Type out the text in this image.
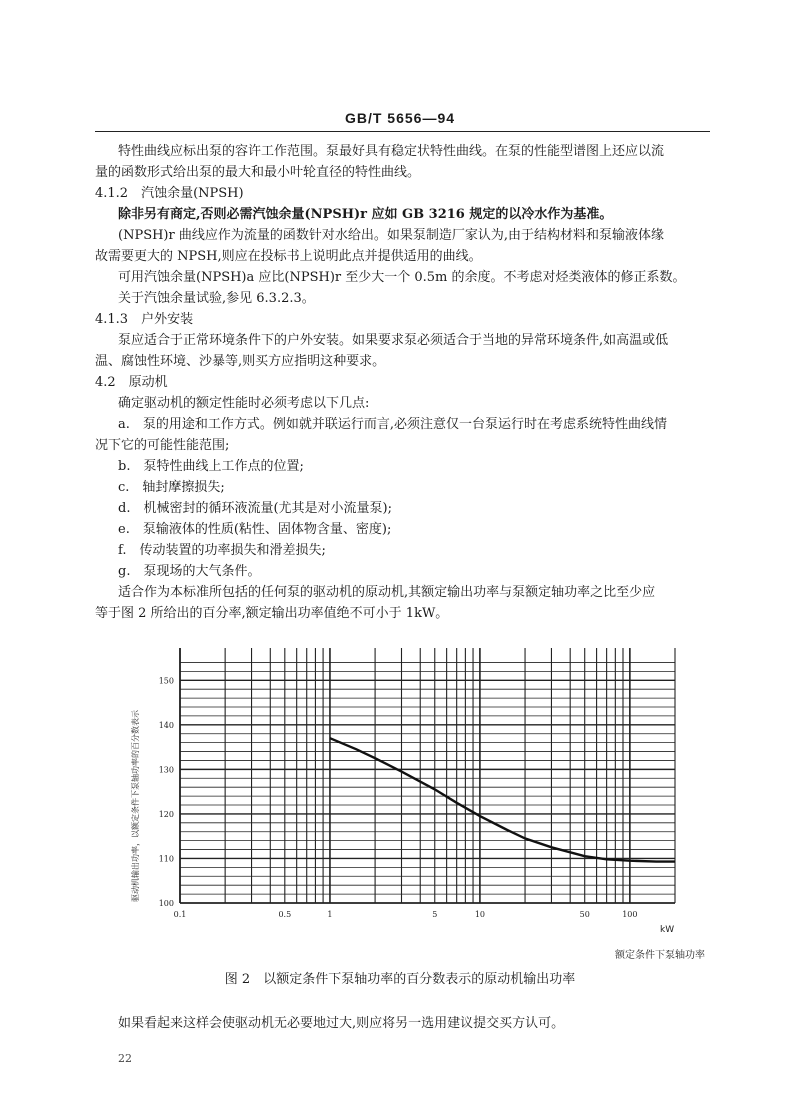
GB/T 5656—94
特性曲线应标出泵的容许工作范围。泵最好具有稳定状特性曲线。在泵的性能型谱图上还应以流
量的函数形式给出泵的最大和最小叶轮直径的特性曲线。
4.1.2　汽蚀余量(NPSH)
除非另有商定,否则必需汽蚀余量(NPSH)r 应如 GB 3216 规定的以冷水作为基准。
(NPSH)r 曲线应作为流量的函数针对水给出。如果泵制造厂家认为,由于结构材料和泵输液体缘
故需要更大的 NPSH,则应在投标书上说明此点并提供适用的曲线。
可用汽蚀余量(NPSH)a 应比(NPSH)r 至少大一个 0.5m 的余度。不考虑对烃类液体的修正系数。
关于汽蚀余量试验,参见 6.3.2.3。
4.1.3　户外安装
泵应适合于正常环境条件下的户外安装。如果要求泵必须适合于当地的异常环境条件,如高温或低
温、腐蚀性环境、沙暴等,则买方应指明这种要求。
4.2　原动机
确定驱动机的额定性能时必须考虑以下几点:
a.　泵的用途和工作方式。例如就并联运行而言,必须注意仅一台泵运行时在考虑系统特性曲线情
况下它的可能性能范围;
b.　泵特性曲线上工作点的位置;
c.　轴封摩擦损失;
d.　机械密封的循环液流量(尤其是对小流量泵);
e.　泵输液体的性质(粘性、固体物含量、密度);
f.　传动装置的功率损失和滑差损失;
g.　泵现场的大气条件。
适合作为本标准所包括的任何泵的驱动机的原动机,其额定输出功率与泵额定轴功率之比至少应
等于图 2 所给出的百分率,额定输出功率值绝不可小于 1kW。
100
110
120
130
140
150
0.1	0.5	1	5	10	50	100
驱动机输出功率，以额定条件下泵轴功率的百分数表示
kW
额定条件下泵轴功率
图 2　以额定条件下泵轴功率的百分数表示的原动机输出功率
如果看起来这样会使驱动机无必要地过大,则应将另一选用建议提交买方认可。
22
